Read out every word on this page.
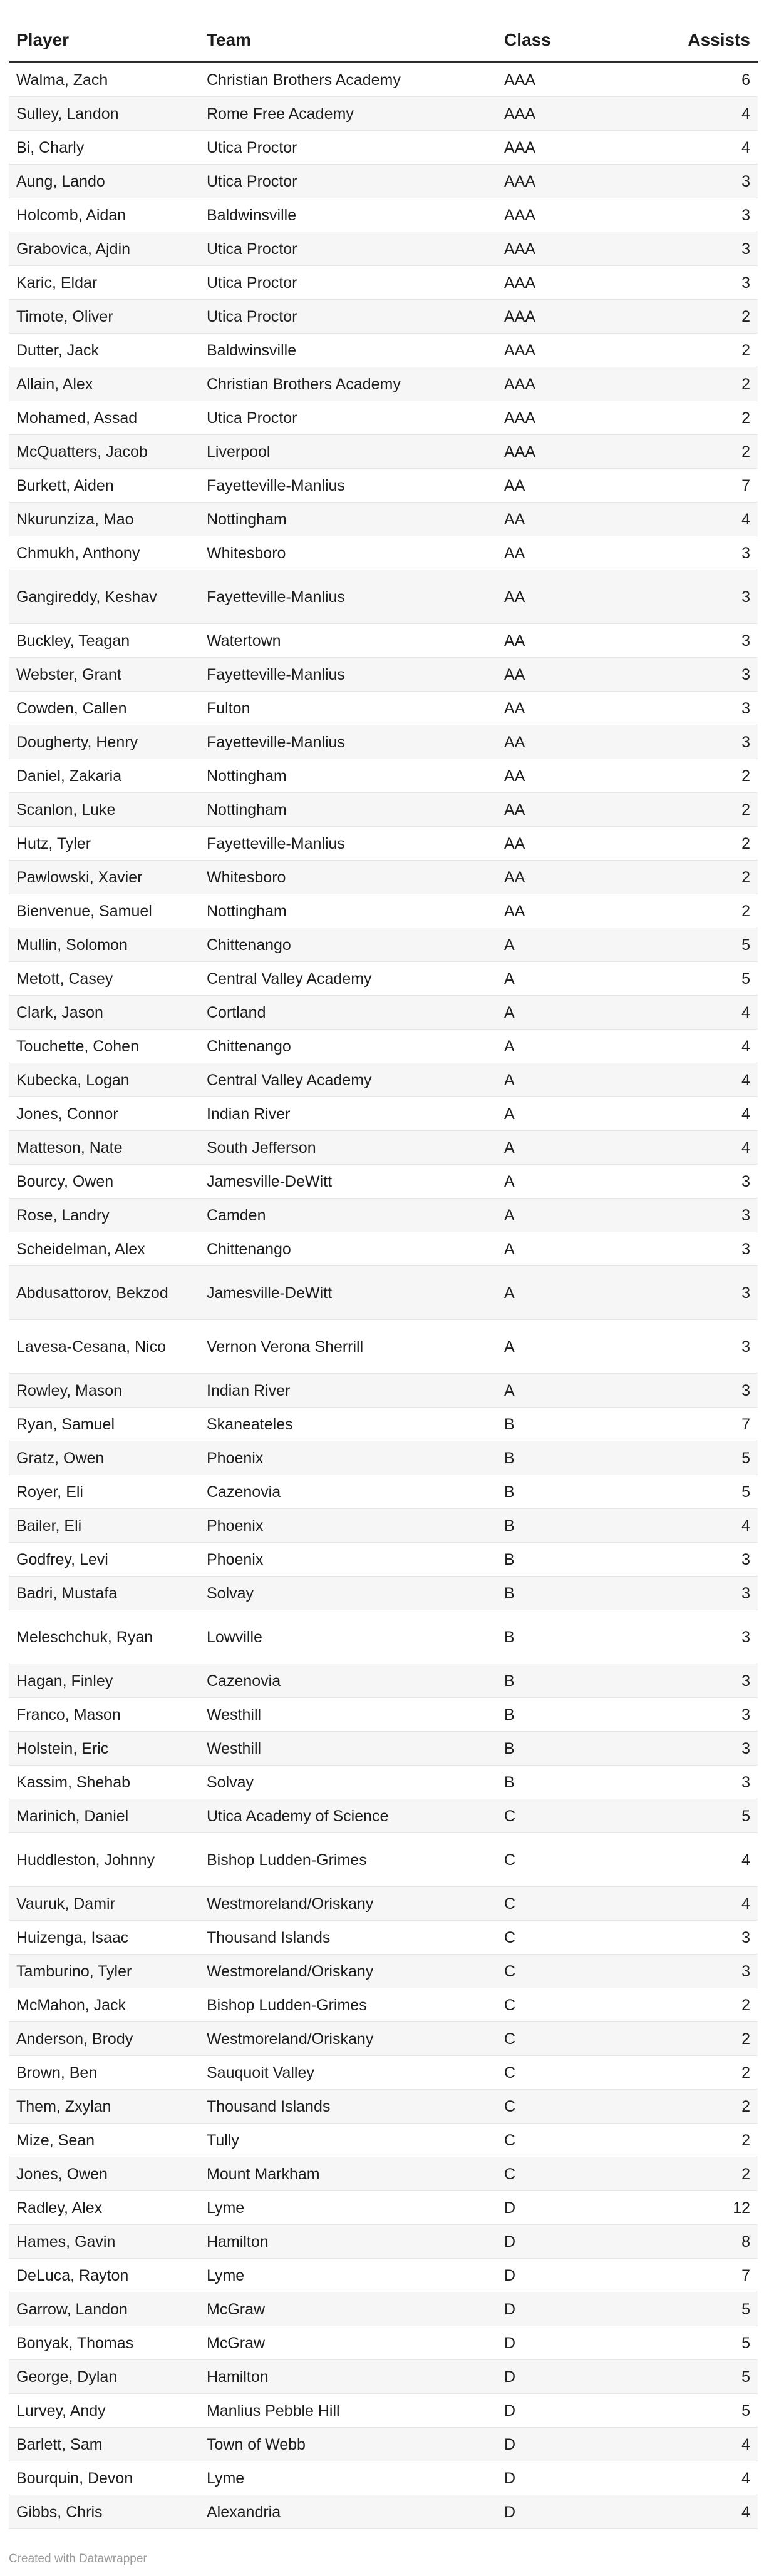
Player	Team	Class	Assists
Walma, Zach	Christian Brothers Academy	AAA	6
Sulley, Landon	Rome Free Academy	AAA	4
Bi, Charly	Utica Proctor	AAA	4
Aung, Lando	Utica Proctor	AAA	3
Holcomb, Aidan	Baldwinsville	AAA	3
Grabovica, Ajdin	Utica Proctor	AAA	3
Karic, Eldar	Utica Proctor	AAA	3
Timote, Oliver	Utica Proctor	AAA	2
Dutter, Jack	Baldwinsville	AAA	2
Allain, Alex	Christian Brothers Academy	AAA	2
Mohamed, Assad	Utica Proctor	AAA	2
McQuatters, Jacob	Liverpool	AAA	2
Burkett, Aiden	Fayetteville-Manlius	AA	7
Nkurunziza, Mao	Nottingham	AA	4
Chmukh, Anthony	Whitesboro	AA	3
Gangireddy, Keshav	Fayetteville-Manlius	AA	3
Buckley, Teagan	Watertown	AA	3
Webster, Grant	Fayetteville-Manlius	AA	3
Cowden, Callen	Fulton	AA	3
Dougherty, Henry	Fayetteville-Manlius	AA	3
Daniel, Zakaria	Nottingham	AA	2
Scanlon, Luke	Nottingham	AA	2
Hutz, Tyler	Fayetteville-Manlius	AA	2
Pawlowski, Xavier	Whitesboro	AA	2
Bienvenue, Samuel	Nottingham	AA	2
Mullin, Solomon	Chittenango	A	5
Metott, Casey	Central Valley Academy	A	5
Clark, Jason	Cortland	A	4
Touchette, Cohen	Chittenango	A	4
Kubecka, Logan	Central Valley Academy	A	4
Jones, Connor	Indian River	A	4
Matteson, Nate	South Jefferson	A	4
Bourcy, Owen	Jamesville-DeWitt	A	3
Rose, Landry	Camden	A	3
Scheidelman, Alex	Chittenango	A	3
Abdusattorov, Bekzod	Jamesville-DeWitt	A	3
Lavesa-Cesana, Nico	Vernon Verona Sherrill	A	3
Rowley, Mason	Indian River	A	3
Ryan, Samuel	Skaneateles	B	7
Gratz, Owen	Phoenix	B	5
Royer, Eli	Cazenovia	B	5
Bailer, Eli	Phoenix	B	4
Godfrey, Levi	Phoenix	B	3
Badri, Mustafa	Solvay	B	3
Meleschchuk, Ryan	Lowville	B	3
Hagan, Finley	Cazenovia	B	3
Franco, Mason	Westhill	B	3
Holstein, Eric	Westhill	B	3
Kassim, Shehab	Solvay	B	3
Marinich, Daniel	Utica Academy of Science	C	5
Huddleston, Johnny	Bishop Ludden-Grimes	C	4
Vauruk, Damir	Westmoreland/Oriskany	C	4
Huizenga, Isaac	Thousand Islands	C	3
Tamburino, Tyler	Westmoreland/Oriskany	C	3
McMahon, Jack	Bishop Ludden-Grimes	C	2
Anderson, Brody	Westmoreland/Oriskany	C	2
Brown, Ben	Sauquoit Valley	C	2
Them, Zxylan	Thousand Islands	C	2
Mize, Sean	Tully	C	2
Jones, Owen	Mount Markham	C	2
Radley, Alex	Lyme	D	12
Hames, Gavin	Hamilton	D	8
DeLuca, Rayton	Lyme	D	7
Garrow, Landon	McGraw	D	5
Bonyak, Thomas	McGraw	D	5
George, Dylan	Hamilton	D	5
Lurvey, Andy	Manlius Pebble Hill	D	5
Barlett, Sam	Town of Webb	D	4
Bourquin, Devon	Lyme	D	4
Gibbs, Chris	Alexandria	D	4
Created with Datawrapper
